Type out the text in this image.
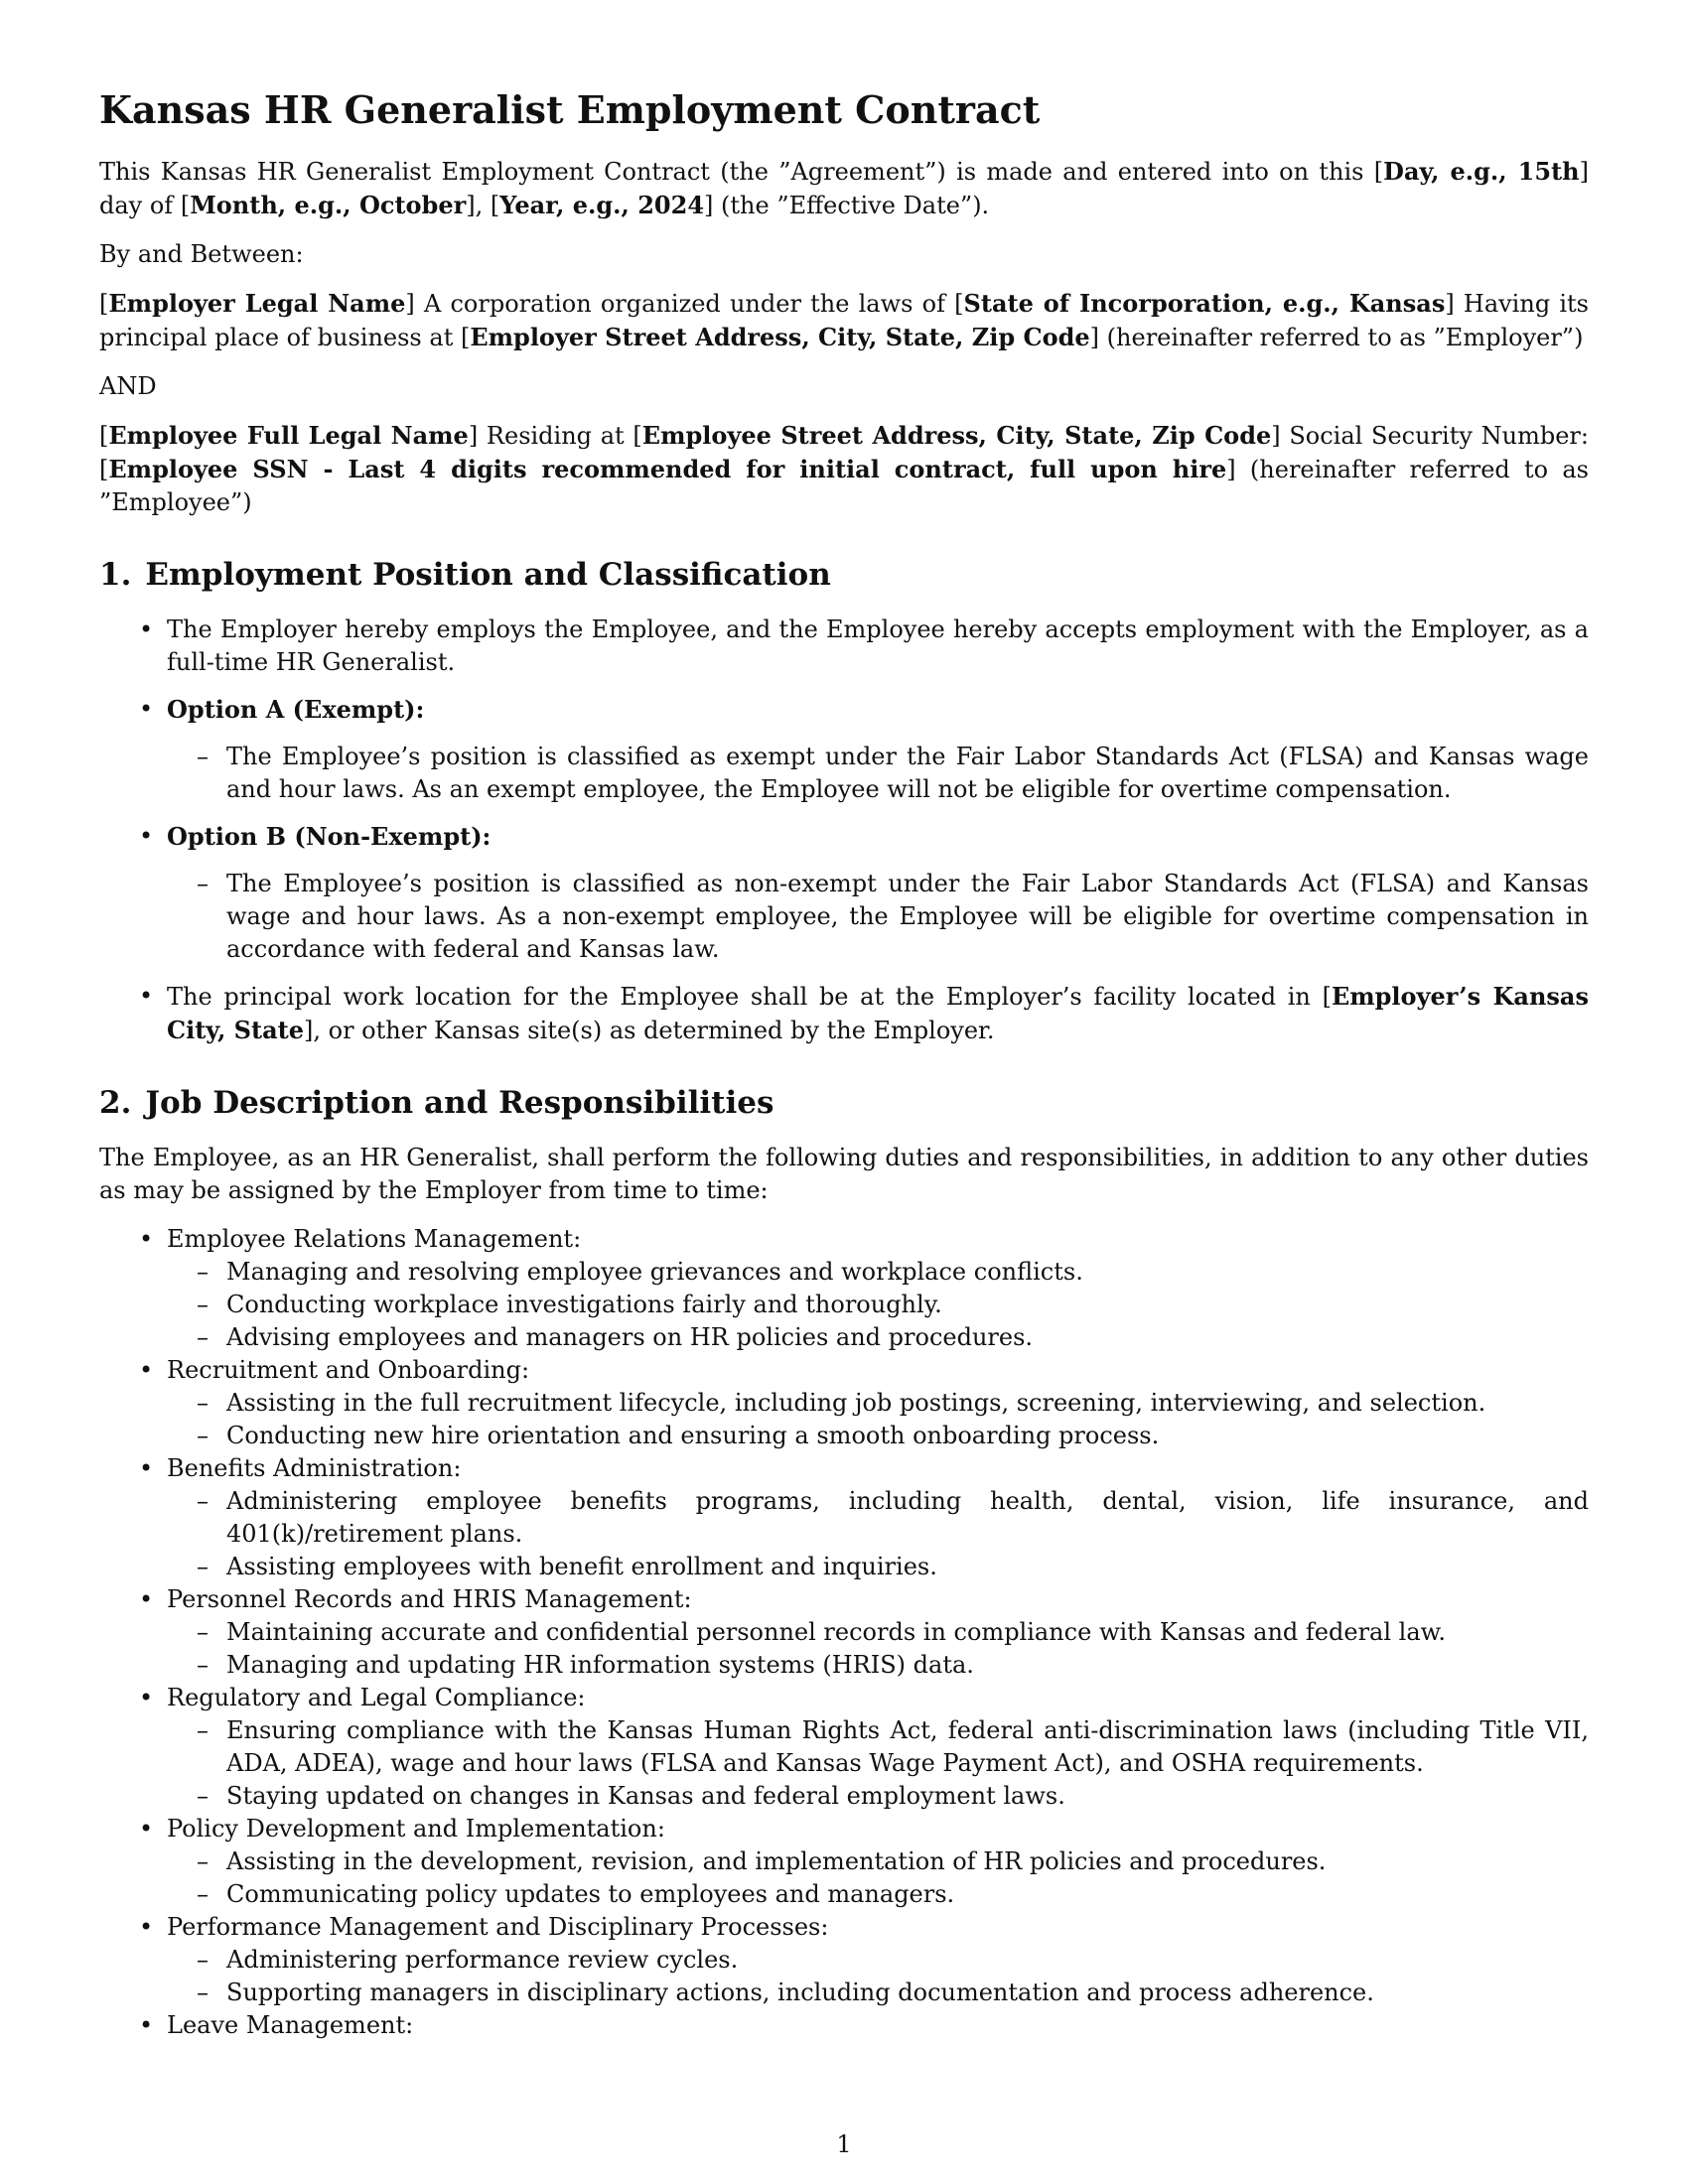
Kansas HR Generalist Employment Contract

This Kansas HR Generalist Employment Contract (the ”Agreement”) is made and entered into on this [Day, e.g., 15th] day of [Month, e.g., October], [Year, e.g., 2024] (the ”Effective Date”).

By and Between:

[Employer Legal Name] A corporation organized under the laws of [State of Incorporation, e.g., Kansas] Having its principal place of business at [Employer Street Address, City, State, Zip Code] (hereinafter referred to as ”Employer”)

AND

[Employee Full Legal Name] Residing at [Employee Street Address, City, State, Zip Code] Social Security Number: [Employee SSN - Last 4 digits recommended for initial contract, full upon hire] (hereinafter referred to as ”Employee”)

1. Employment Position and Classification
• The Employer hereby employs the Employee, and the Employee hereby accepts employment with the Employer, as a full-time HR Generalist.
• Option A (Exempt):
– The Employee’s position is classified as exempt under the Fair Labor Standards Act (FLSA) and Kansas wage and hour laws. As an exempt employee, the Employee will not be eligible for overtime compensation.
• Option B (Non-Exempt):
– The Employee’s position is classified as non-exempt under the Fair Labor Standards Act (FLSA) and Kansas wage and hour laws. As a non-exempt employee, the Employee will be eligible for overtime compensation in accordance with federal and Kansas law.
• The principal work location for the Employee shall be at the Employer’s facility located in [Employer’s Kansas City, State], or other Kansas site(s) as determined by the Employer.
2. Job Description and Responsibilities

The Employee, as an HR Generalist, shall perform the following duties and responsibilities, in addition to any other duties as may be assigned by the Employer from time to time:

• Employee Relations Management:
– Managing and resolving employee grievances and workplace conflicts.
– Conducting workplace investigations fairly and thoroughly.
– Advising employees and managers on HR policies and procedures.
• Recruitment and Onboarding:
– Assisting in the full recruitment lifecycle, including job postings, screening, interviewing, and selection.
– Conducting new hire orientation and ensuring a smooth onboarding process.
• Benefits Administration:
– Administering employee benefits programs, including health, dental, vision, life insurance, and 401(k)/retirement plans.
– Assisting employees with benefit enrollment and inquiries.
• Personnel Records and HRIS Management:
– Maintaining accurate and confidential personnel records in compliance with Kansas and federal law.
– Managing and updating HR information systems (HRIS) data.
• Regulatory and Legal Compliance:
– Ensuring compliance with the Kansas Human Rights Act, federal anti-discrimination laws (including Title VII, ADA, ADEA), wage and hour laws (FLSA and Kansas Wage Payment Act), and OSHA requirements.
– Staying updated on changes in Kansas and federal employment laws.
• Policy Development and Implementation:
– Assisting in the development, revision, and implementation of HR policies and procedures.
– Communicating policy updates to employees and managers.
• Performance Management and Disciplinary Processes:
– Administering performance review cycles.
– Supporting managers in disciplinary actions, including documentation and process adherence.
• Leave Management:
1
